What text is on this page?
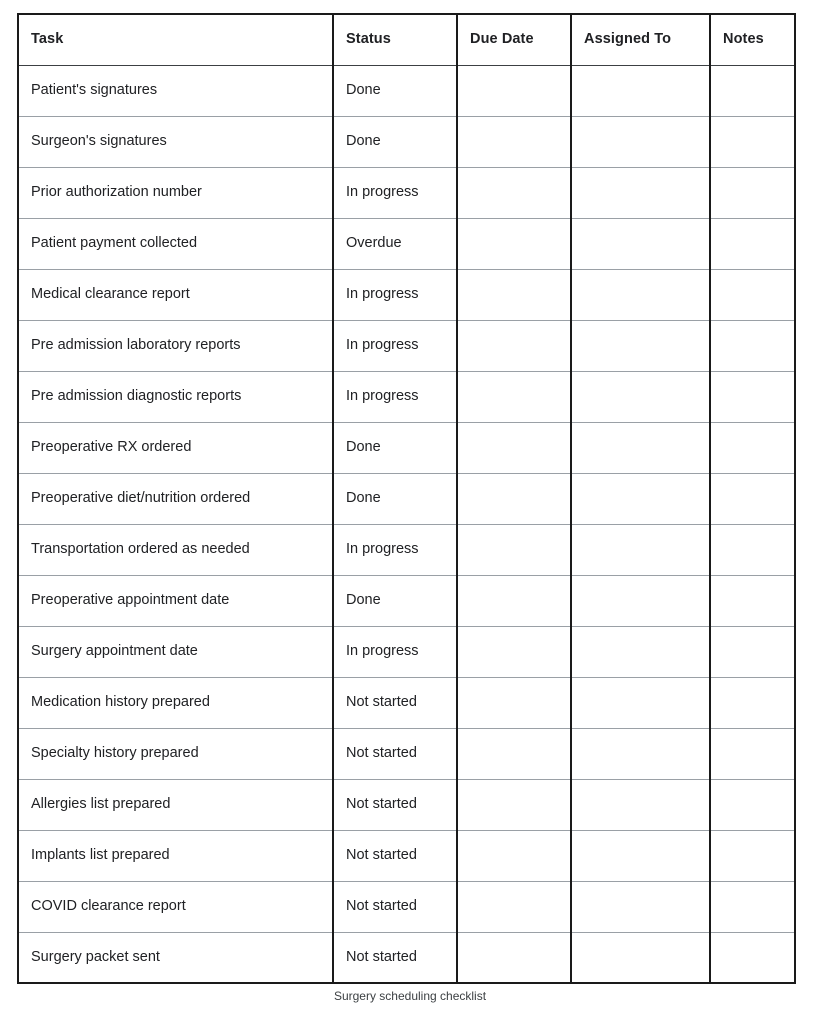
Task	Status	Due Date	Assigned To	Notes
Patient's signatures	Done			
Surgeon's signatures	Done			
Prior authorization number	In progress			
Patient payment collected	Overdue			
Medical clearance report	In progress			
Pre admission laboratory reports	In progress			
Pre admission diagnostic reports	In progress			
Preoperative RX ordered	Done			
Preoperative diet/nutrition ordered	Done			
Transportation ordered as needed	In progress			
Preoperative appointment date	Done			
Surgery appointment date	In progress			
Medication history prepared	Not started			
Specialty history prepared	Not started			
Allergies list prepared	Not started			
Implants list prepared	Not started			
COVID clearance report	Not started			
Surgery packet sent	Not started			
Surgery scheduling checklist
